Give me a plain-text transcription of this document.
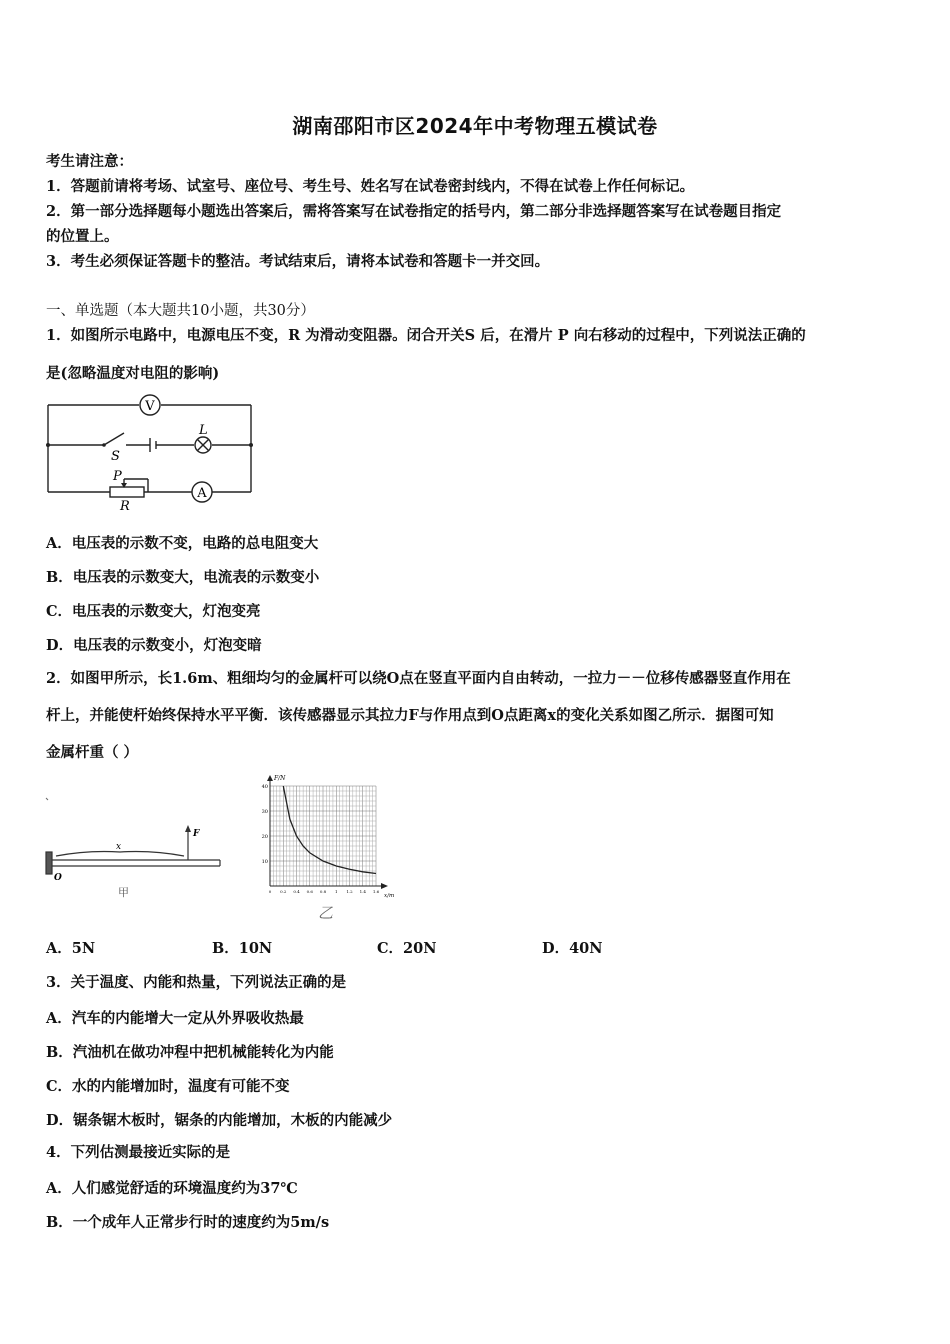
湖南邵阳市区2024年中考物理五模试卷
考生请注意：
1．答题前请将考场、试室号、座位号、考生号、姓名写在试卷密封线内，不得在试卷上作任何标记。
2．第一部分选择题每小题选出答案后，需将答案写在试卷指定的括号内，第二部分非选择题答案写在试卷题目指定
的位置上。
3．考生必须保证答题卡的整洁。考试结束后，请将本试卷和答题卡一并交回。
一、单选题（本大题共10小题，共30分）
1．如图所示电路中，电源电压不变，R 为滑动变阻器。闭合开关S 后，在滑片 P 向右移动的过程中，下列说法正确的
是(忽略温度对电阻的影响)
V
A
L
S
P
R
A．电压表的示数不变，电路的总电阻变大
B．电压表的示数变大，电流表的示数变小
C．电压表的示数变大，灯泡变亮
D．电压表的示数变小，灯泡变暗
2．如图甲所示，长1.6m、粗细均匀的金属杆可以绕O点在竖直平面内自由转动，一拉力－－位移传感器竖直作用在
杆上，并能使杆始终保持水平平衡．该传感器显示其拉力F与作用点到O点距离x的变化关系如图乙所示．据图可知
金属杆重（ ）
x
F
O
甲
10
20
30
40
0 0.2 0.4 0.6 0.8 1 1.2 1.4 1.6
F/N
x/m
乙
A．5N	B．10N	C．20N	D．40N
3．关于温度、内能和热量，下列说法正确的是
A．汽车的内能增大一定从外界吸收热最
B．汽油机在做功冲程中把机械能转化为内能
C．水的内能增加时，温度有可能不变
D．锯条锯木板时，锯条的内能增加，木板的内能减少
4．下列估测最接近实际的是
A．人们感觉舒适的环境温度约为37℃
B．一个成年人正常步行时的速度约为5m/s
